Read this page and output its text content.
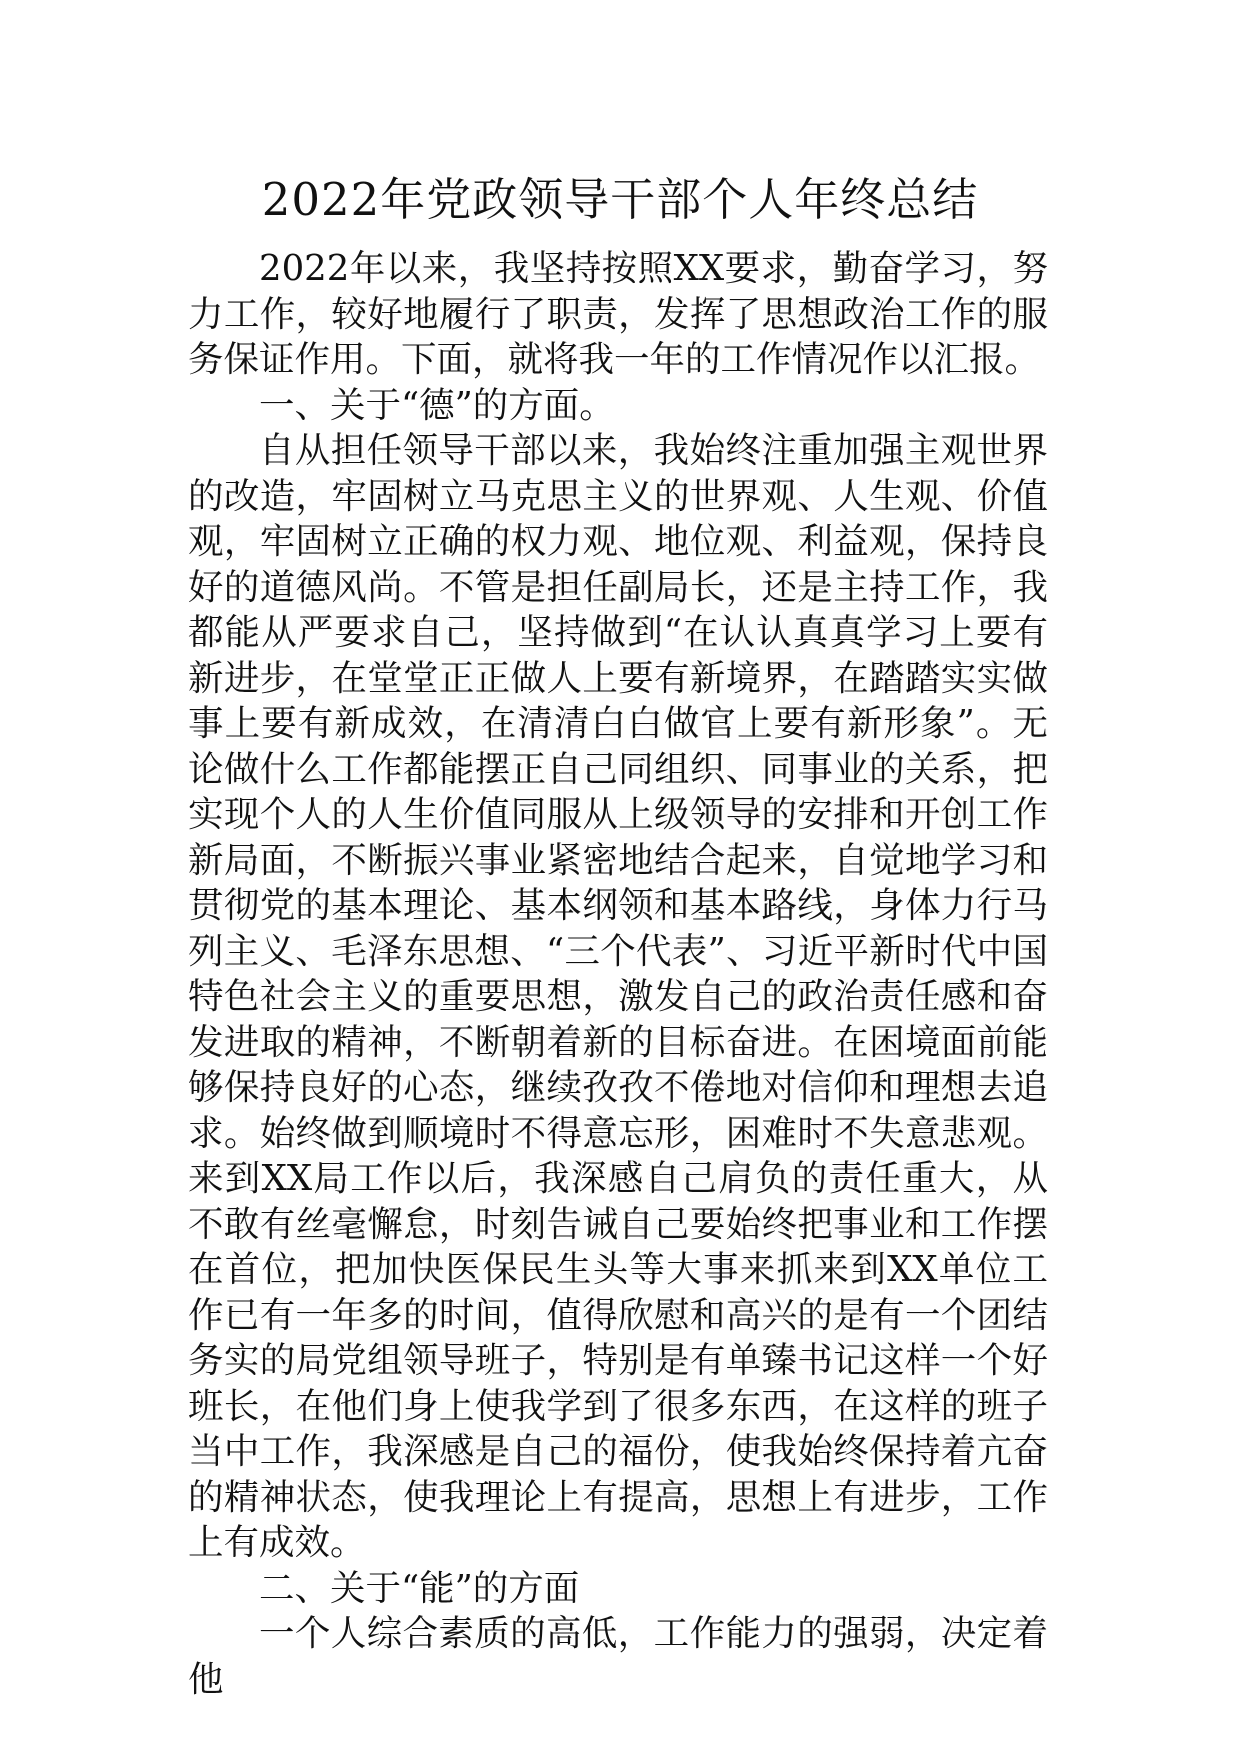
2022年党政领导干部个人年终总结

2022年以来，我坚持按照XX要求，勤奋学习，努力工作，较好地履行了职责，发挥了思想政治工作的服务保证作用。下面，就将我一年的工作情况作以汇报。

一、关于“德”的方面。

自从担任领导干部以来，我始终注重加强主观世界的改造，牢固树立马克思主义的世界观、人生观、价值观，牢固树立正确的权力观、地位观、利益观，保持良好的道德风尚。不管是担任副局长，还是主持工作，我都能从严要求自己，坚持做到“在认认真真学习上要有新进步，在堂堂正正做人上要有新境界，在踏踏实实做事上要有新成效，在清清白白做官上要有新形象”。无论做什么工作都能摆正自己同组织、同事业的关系，把实现个人的人生价值同服从上级领导的安排和开创工作新局面，不断振兴事业紧密地结合起来，自觉地学习和贯彻党的基本理论、基本纲领和基本路线，身体力行马列主义、毛泽东思想、“三个代表”、习近平新时代中国特色社会主义的重要思想，激发自己的政治责任感和奋发进取的精神，不断朝着新的目标奋进。在困境面前能够保持良好的心态，继续孜孜不倦地对信仰和理想去追求。始终做到顺境时不得意忘形，困难时不失意悲观。来到XX局工作以后，我深感自己肩负的责任重大，从不敢有丝毫懈怠，时刻告诫自己要始终把事业和工作摆在首位，把加快医保民生头等大事来抓来到XX单位工作已有一年多的时间，值得欣慰和高兴的是有一个团结务实的局党组领导班子，特别是有单臻书记这样一个好班长，在他们身上使我学到了很多东西，在这样的班子当中工作，我深感是自己的福份，使我始终保持着亢奋的精神状态，使我理论上有提高，思想上有进步，工作上有成效。

二、关于“能”的方面

一个人综合素质的高低，工作能力的强弱，决定着他
